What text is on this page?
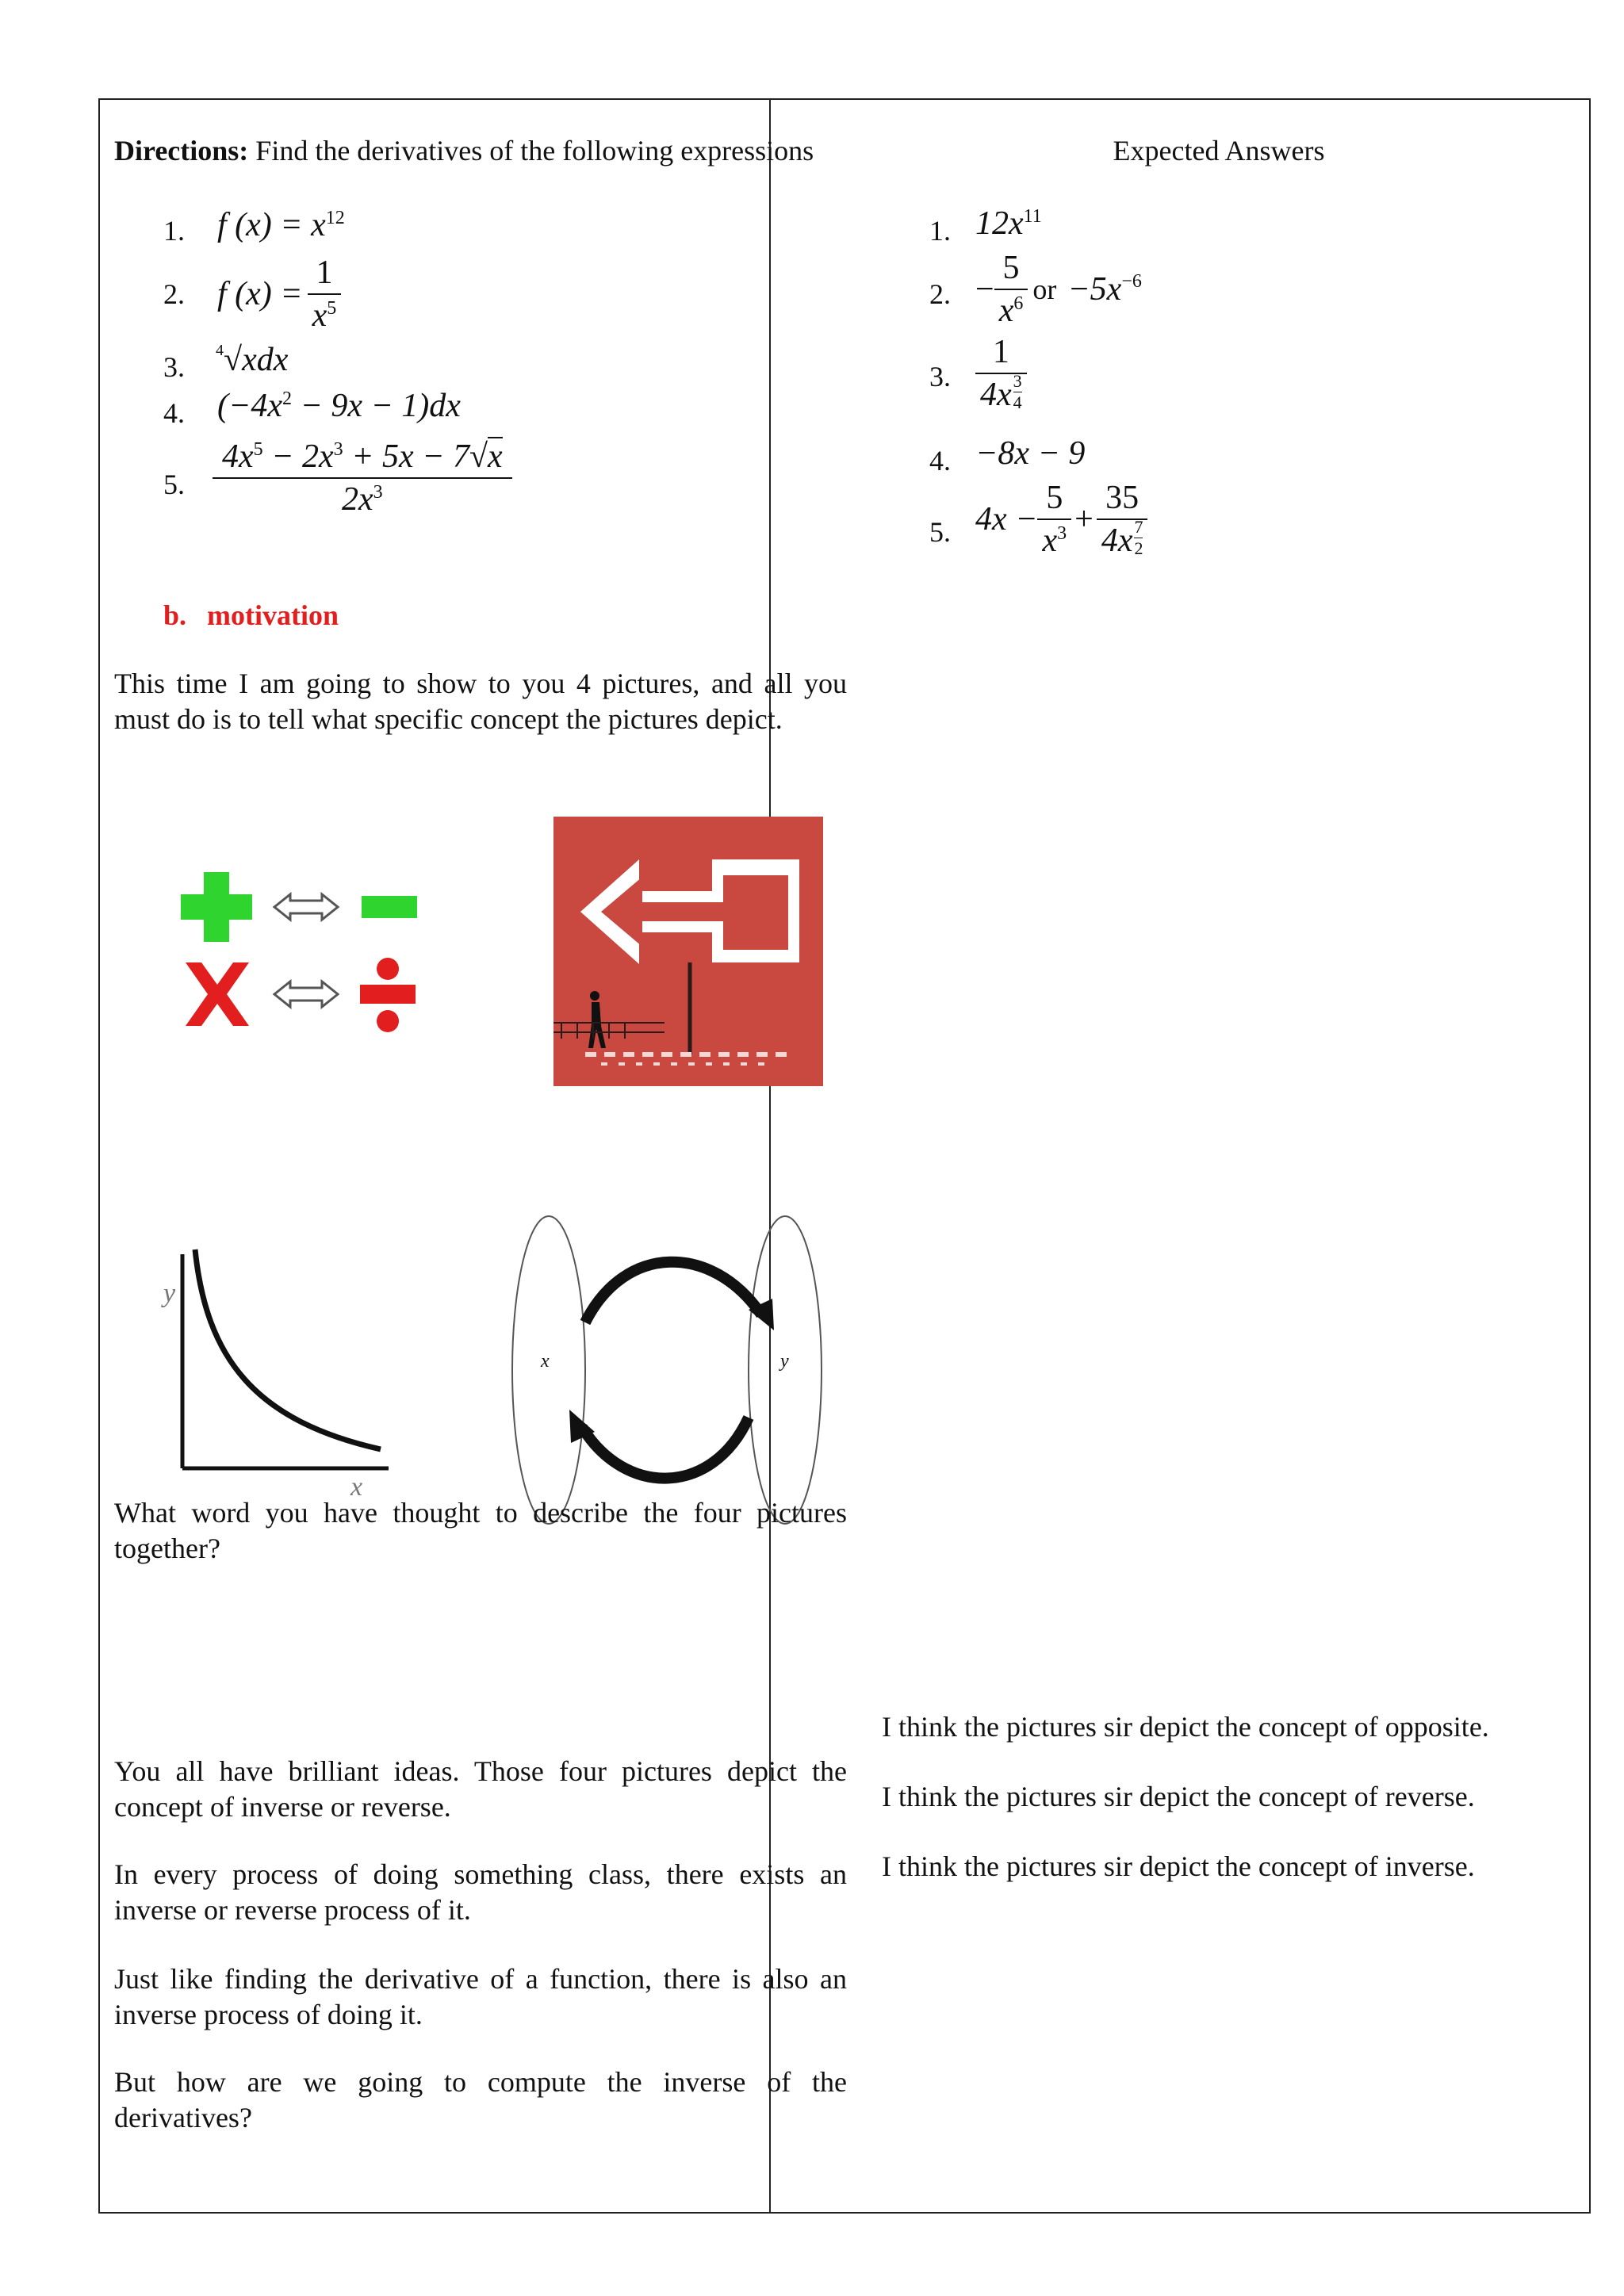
Directions: Find the derivatives of the following expressions
1. f $(x) = x^{12}$
2. f $(x) = \frac{1}{x^5}$
3.
$^4$√xdx
4. $(-4x^2 - 9x - 1)dx$
5. $\frac{4x^5 - 2x^3 + 5x - 7√x}{2x^3}$
b. motivation
This time I am going to show to you 4 pictures, and all you must do is to tell what specific concept the pictures depict.
y
x
x	y
What word you have thought to describe the four pictures together?
You all have brilliant ideas. Those four pictures depict the concept of inverse or reverse.
In every process of doing something class, there exists an inverse or reverse process of it.
Just like finding the derivative of a function, there is also an inverse process of doing it.
But how are we going to compute the inverse of the derivatives?
Expected Answers
1. $12x^{11}$
2. − $\frac{5}{x^6}$ or $-5x^{-6}$
3. $\frac{1}{4x \frac{3}{4}}$
4. −8x − 9
5. $4x - \frac{5}{x^3} + \frac{35}{4x \frac{7}{2}}$
I think the pictures sir depict the concept of opposite.
I think the pictures sir depict the concept of reverse.
I think the pictures sir depict the concept of inverse.
